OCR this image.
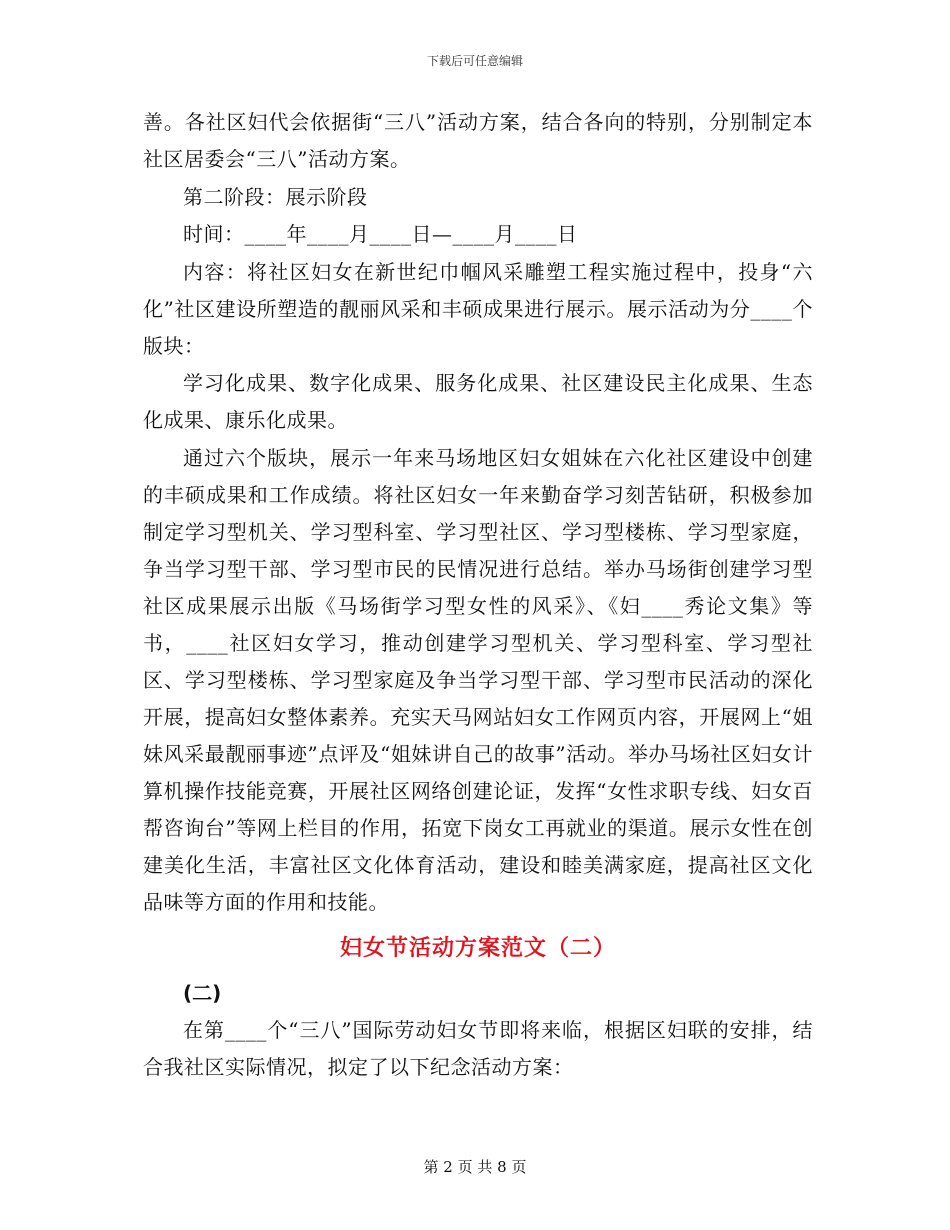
下载后可任意编辑

善。各社区妇代会依据街“三八”活动方案，结合各向的特别，分别制定本社区居委会“三八”活动方案。

第二阶段：展示阶段

时间：____年____月____日—____月____日

内容：将社区妇女在新世纪巾帼风采雕塑工程实施过程中，投身“六化”社区建设所塑造的靓丽风采和丰硕成果进行展示。展示活动为分____个版块：

学习化成果、数字化成果、服务化成果、社区建设民主化成果、生态化成果、康乐化成果。

通过六个版块，展示一年来马场地区妇女姐妹在六化社区建设中创建的丰硕成果和工作成绩。将社区妇女一年来勤奋学习刻苦钻研，积极参加制定学习型机关、学习型科室、学习型社区、学习型楼栋、学习型家庭，争当学习型干部、学习型市民的民情况进行总结。举办马场街创建学习型社区成果展示出版《马场街学习型女性的风采》、《妇____秀论文集》等书，____社区妇女学习，推动创建学习型机关、学习型科室、学习型社区、学习型楼栋、学习型家庭及争当学习型干部、学习型市民活动的深化开展，提高妇女整体素养。充实天马网站妇女工作网页内容，开展网上“姐妹风采最靓丽事迹”点评及“姐妹讲自己的故事”活动。举办马场社区妇女计算机操作技能竞赛，开展社区网络创建论证，发挥“女性求职专线、妇女百帮咨询台”等网上栏目的作用，拓宽下岗女工再就业的渠道。展示女性在创建美化生活，丰富社区文化体育活动，建设和睦美满家庭，提高社区文化品味等方面的作用和技能。

妇女节活动方案范文（二）

(二)

在第____个“三八”国际劳动妇女节即将来临，根据区妇联的安排，结合我社区实际情况，拟定了以下纪念活动方案：

第 2 页 共 8 页
